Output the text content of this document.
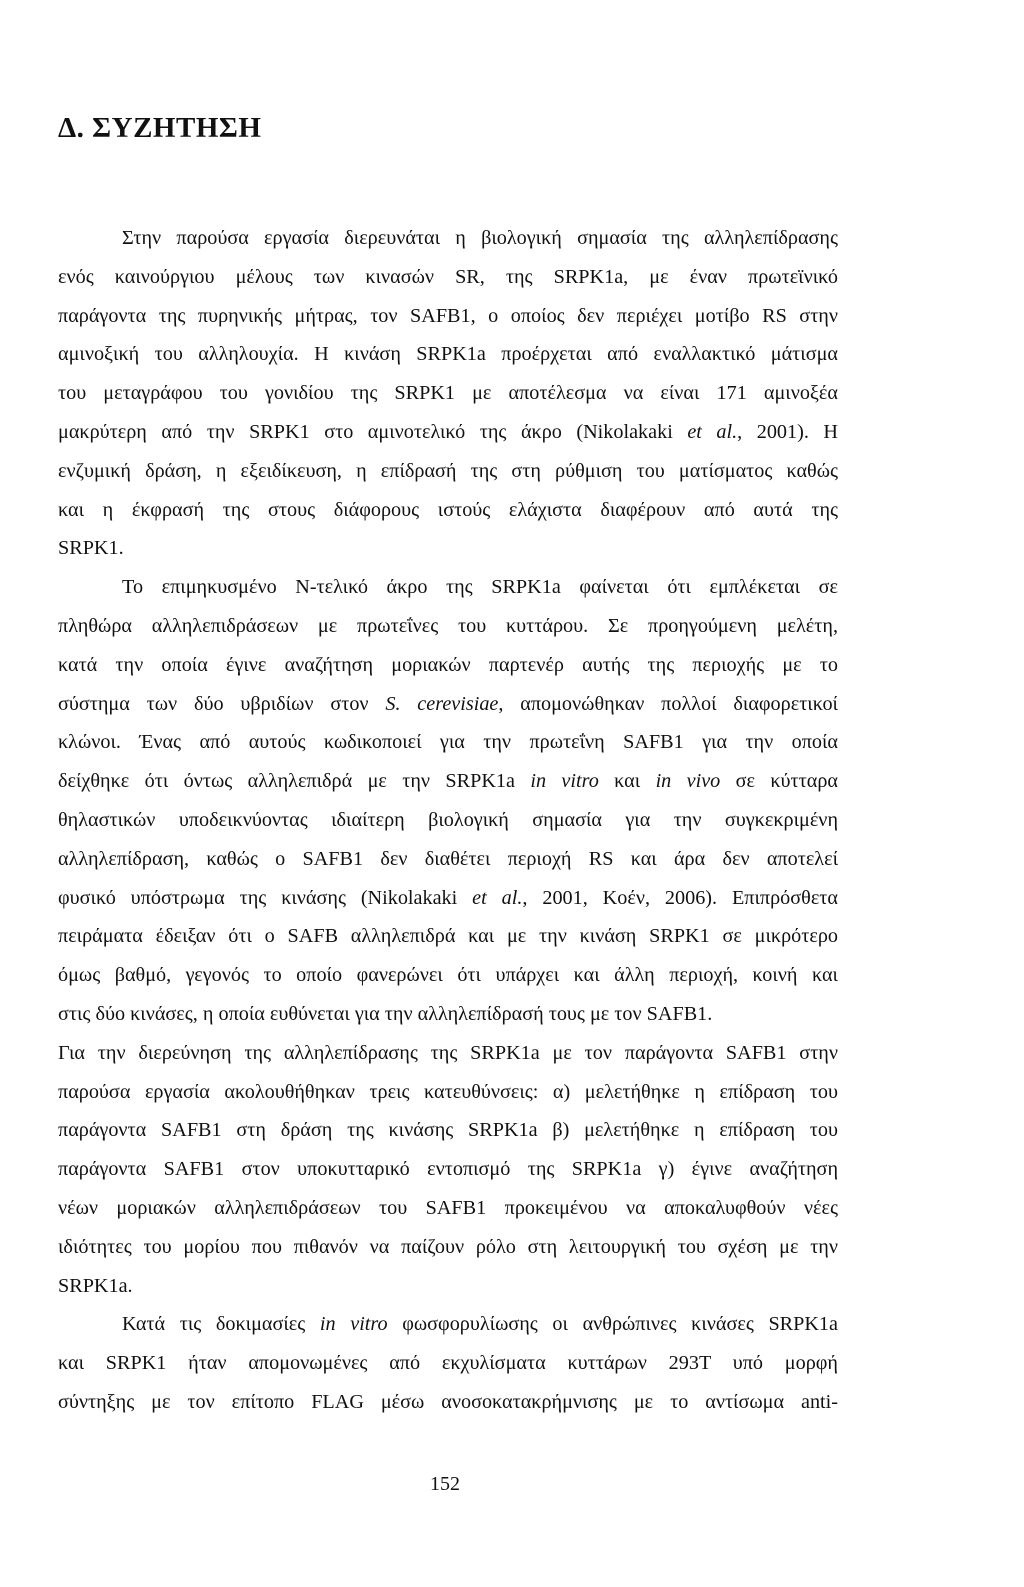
Δ. ΣΥΖΗΤΗΣΗ
Στην παρούσα εργασία διερευνάται η βιολογική σημασία της αλληλεπίδρασης
ενός καινούργιου μέλους των κινασών SR, της SRPK1a, με έναν πρωτεϊνικό
παράγοντα της πυρηνικής μήτρας, τον SAFB1, ο οποίος δεν περιέχει μοτίβο RS στην
αμινοξική του αλληλουχία. Η κινάση SRPK1a προέρχεται από εναλλακτικό μάτισμα
του μεταγράφου του γονιδίου της SRPK1 με αποτέλεσμα να είναι 171 αμινοξέα
μακρύτερη από την SRPK1 στο αμινοτελικό της άκρο (Nikolakaki et al., 2001). Η
ενζυμική δράση, η εξειδίκευση, η επίδρασή της στη ρύθμιση του ματίσματος καθώς
και η έκφρασή της στους διάφορους ιστούς ελάχιστα διαφέρουν από αυτά της
SRPK1.
Το επιμηκυσμένο N-τελικό άκρο της SRPK1a φαίνεται ότι εμπλέκεται σε
πληθώρα αλληλεπιδράσεων με πρωτεΐνες του κυττάρου. Σε προηγούμενη μελέτη,
κατά την οποία έγινε αναζήτηση μοριακών παρτενέρ αυτής της περιοχής με το
σύστημα των δύο υβριδίων στον S. cerevisiae, απομονώθηκαν πολλοί διαφορετικοί
κλώνοι. Ένας από αυτούς κωδικοποιεί για την πρωτεΐνη SAFB1 για την οποία
δείχθηκε ότι όντως αλληλεπιδρά με την SRPK1a in vitro και in vivo σε κύτταρα
θηλαστικών υποδεικνύοντας ιδιαίτερη βιολογική σημασία για την συγκεκριμένη
αλληλεπίδραση, καθώς ο SAFB1 δεν διαθέτει περιοχή RS και άρα δεν αποτελεί
φυσικό υπόστρωμα της κινάσης (Nikolakaki et al., 2001, Κοέν, 2006). Επιπρόσθετα
πειράματα έδειξαν ότι ο SAFB αλληλεπιδρά και με την κινάση SRPK1 σε μικρότερο
όμως βαθμό, γεγονός το οποίο φανερώνει ότι υπάρχει και άλλη περιοχή, κοινή και
στις δύο κινάσες, η οποία ευθύνεται για την αλληλεπίδρασή τους με τον SAFB1.
Για την διερεύνηση της αλληλεπίδρασης της SRPK1a με τον παράγοντα SAFB1 στην
παρούσα εργασία ακολουθήθηκαν τρεις κατευθύνσεις: α) μελετήθηκε η επίδραση του
παράγοντα SAFB1 στη δράση της κινάσης SRPK1a β) μελετήθηκε η επίδραση του
παράγοντα SAFB1 στον υποκυτταρικό εντοπισμό της SRPK1a γ) έγινε αναζήτηση
νέων μοριακών αλληλεπιδράσεων του SAFB1 προκειμένου να αποκαλυφθούν νέες
ιδιότητες του μορίου που πιθανόν να παίζουν ρόλο στη λειτουργική του σχέση με την
SRPK1a.
Κατά τις δοκιμασίες in vitro φωσφορυλίωσης οι ανθρώπινες κινάσες SRPK1a
και SRPK1 ήταν απομονωμένες από εκχυλίσματα κυττάρων 293T υπό μορφή
σύντηξης με τον επίτοπο FLAG μέσω ανοσοκατακρήμνισης με το αντίσωμα anti-
152
